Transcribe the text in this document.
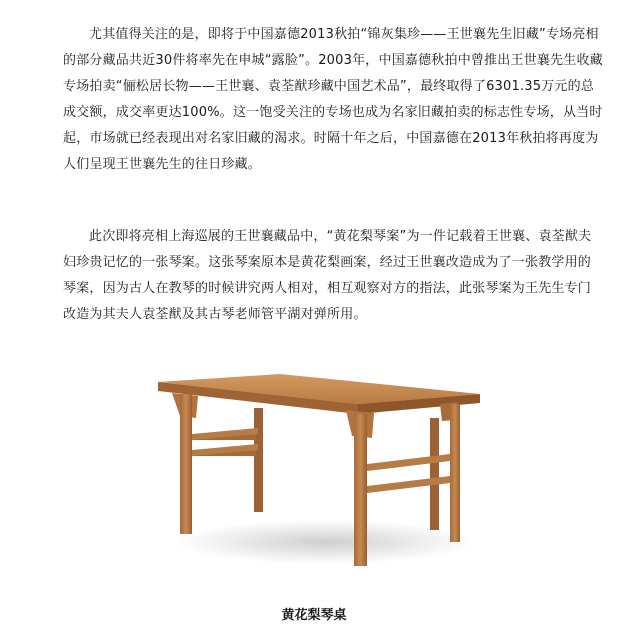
尤其值得关注的是，即将于中国嘉德2013秋拍“锦灰集珍——王世襄先生旧藏”专场亮相的部分藏品共近30件将率先在申城“露脸”。2003年，中国嘉德秋拍中曾推出王世襄先生收藏专场拍卖“俪松居长物——王世襄、袁荃猷珍藏中国艺术品”，最终取得了6301.35万元的总成交额，成交率更达100%。这一饱受关注的专场也成为名家旧藏拍卖的标志性专场，从当时起，市场就已经表现出对名家旧藏的渴求。时隔十年之后，中国嘉德在2013年秋拍将再度为人们呈现王世襄先生的往日珍藏。

此次即将亮相上海巡展的王世襄藏品中，“黄花梨琴案”为一件记载着王世襄、袁荃猷夫妇珍贵记忆的一张琴案。这张琴案原本是黄花梨画案，经过王世襄改造成为了一张教学用的琴案，因为古人在教琴的时候讲究两人相对，相互观察对方的指法，此张琴案为王先生专门改造为其夫人袁荃猷及其古琴老师管平湖对弹所用。

黄花梨琴桌
